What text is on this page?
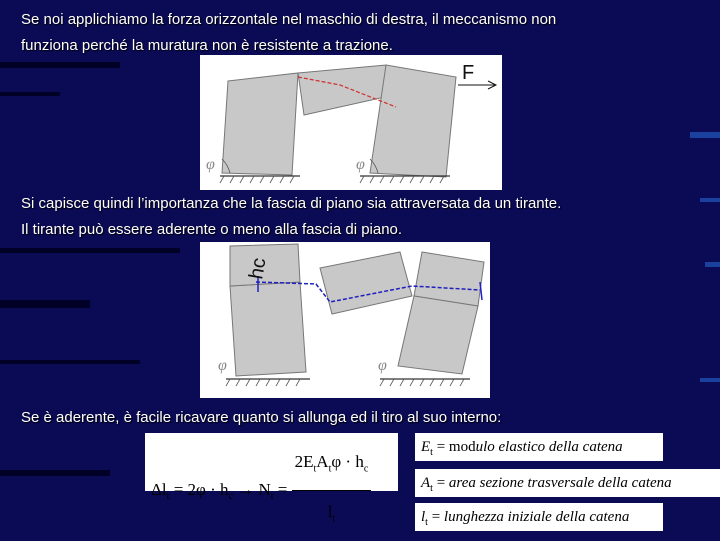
Se noi applichiamo la forza orizzontale nel maschio di destra, il meccanismo non
funziona perché la muratura non è resistente a trazione.
φ	φ
F
Si capisce quindi l’importanza che la fascia di piano sia attraversata da un tirante.
Il tirante può essere aderente o meno alla fascia di piano.
hc
φ	φ
Se è aderente, è facile ricavare quanto si allunga ed il tiro al suo interno:
$\Delta l_t = 2\varphi \cdot h_c \to N_t = \frac{2E_tA_t\varphi \cdot h_c}{l_t}$	$E_t$ = modulo elastico della catena
$A_t$ = area sezione trasversale della catena
$l_t$ = lunghezza iniziale della catena
